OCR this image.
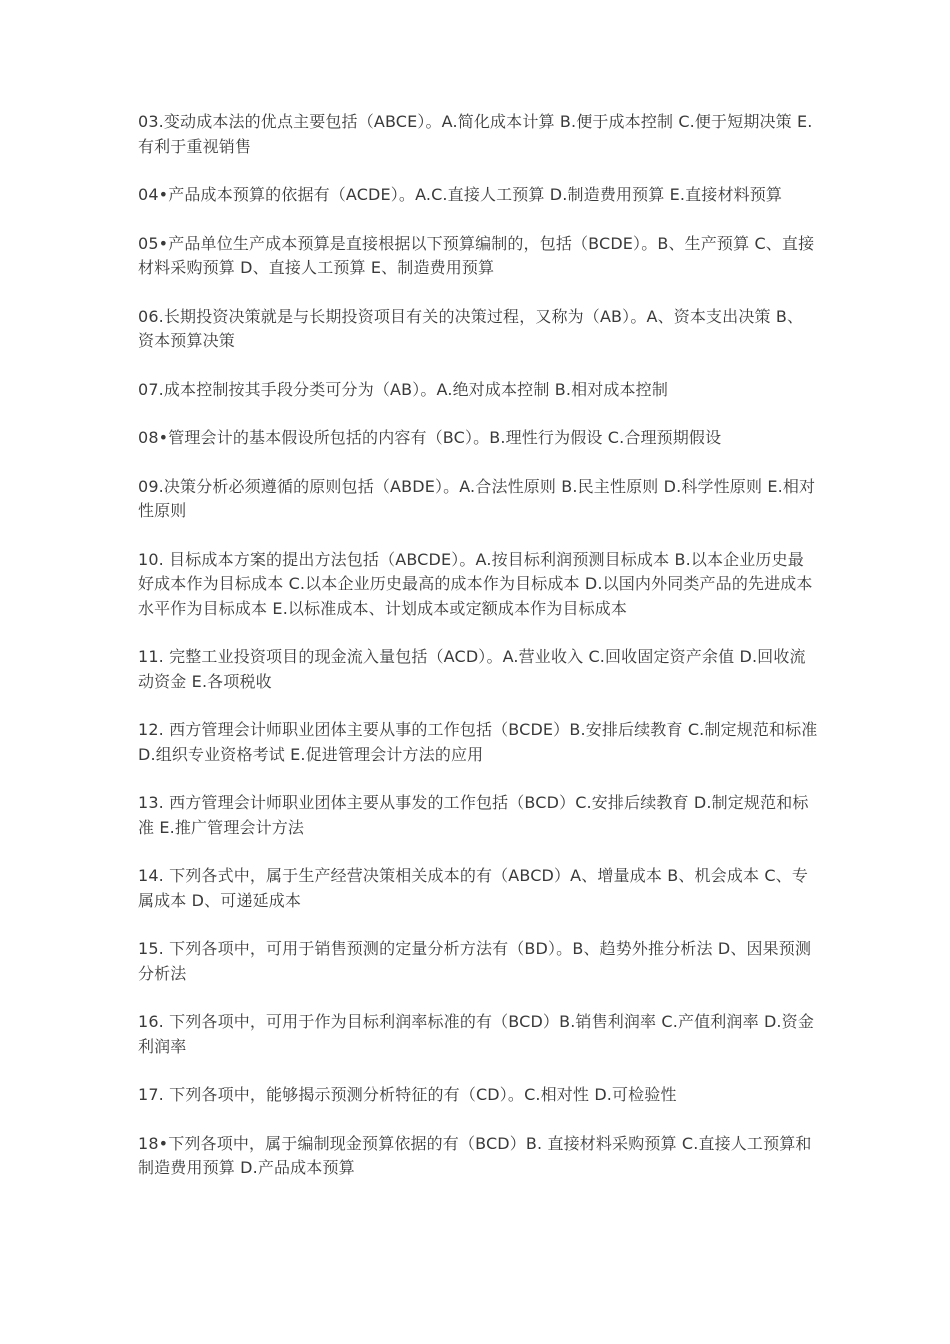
03.变动成本法的优点主要包括（ABCE）。A.简化成本计算 B.便于成本控制 C.便于短期决策 E.有利于重视销售

04•产品成本预算的依据有（ACDE）。A.C.直接人工预算 D.制造费用预算 E.直接材料预算

05•产品单位生产成本预算是直接根据以下预算编制的，包括（BCDE）。B、生产预算 C、直接材料采购预算 D、直接人工预算 E、制造费用预算

06.长期投资决策就是与长期投资项目有关的决策过程，又称为（AB）。A、资本支出决策 B、资本预算决策

07.成本控制按其手段分类可分为（AB）。A.绝对成本控制 B.相对成本控制

08•管理会计的基本假设所包括的内容有（BC）。B.理性行为假设 C.合理预期假设

09.决策分析必须遵循的原则包括（ABDE）。A.合法性原则 B.民主性原则 D.科学性原则 E.相对性原则

10. 目标成本方案的提出方法包括（ABCDE）。A.按目标利润预测目标成本 B.以本企业历史最好成本作为目标成本 C.以本企业历史最高的成本作为目标成本 D.以国内外同类产品的先进成本水平作为目标成本 E.以标准成本、计划成本或定额成本作为目标成本

11. 完整工业投资项目的现金流入量包括（ACD）。A.营业收入 C.回收固定资产余值 D.回收流动资金 E.各项税收

12. 西方管理会计师职业团体主要从事的工作包括（BCDE）B.安排后续教育 C.制定规范和标准 D.组织专业资格考试 E.促进管理会计方法的应用

13. 西方管理会计师职业团体主要从事发的工作包括（BCD）C.安排后续教育 D.制定规范和标准 E.推广管理会计方法

14. 下列各式中，属于生产经营决策相关成本的有（ABCD）A、增量成本 B、机会成本 C、专属成本 D、可递延成本

15. 下列各项中，可用于销售预测的定量分析方法有（BD）。B、趋势外推分析法 D、因果预测分析法

16. 下列各项中，可用于作为目标利润率标准的有（BCD）B.销售利润率 C.产值利润率 D.资金利润率

17. 下列各项中，能够揭示预测分析特征的有（CD）。C.相对性 D.可检验性

18•下列各项中，属于编制现金预算依据的有（BCD）B. 直接材料采购预算 C.直接人工预算和制造费用预算 D.产品成本预算
